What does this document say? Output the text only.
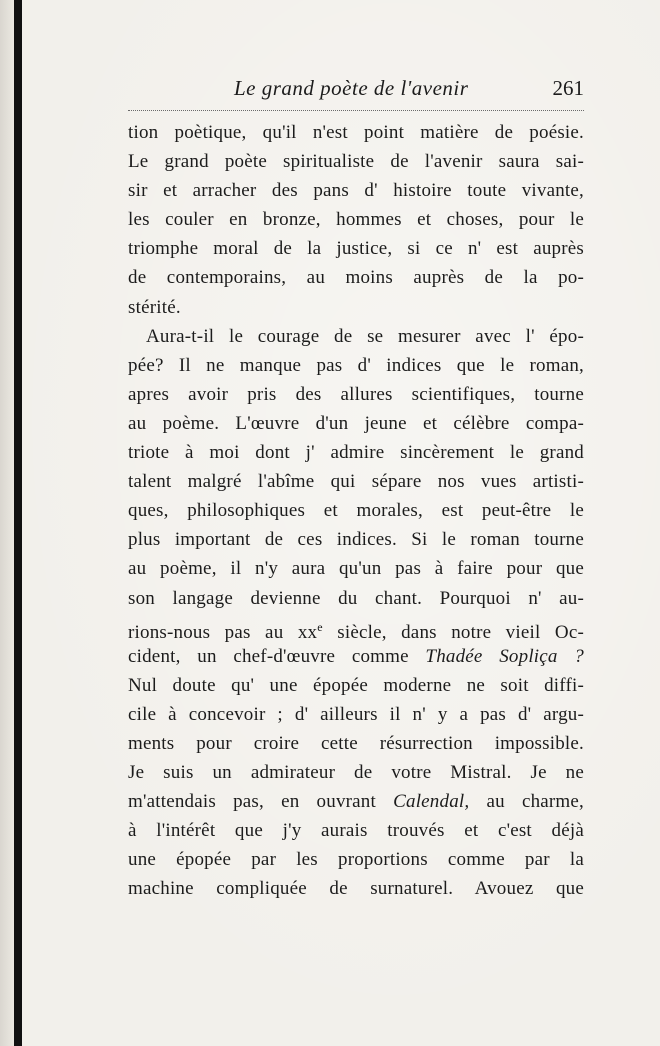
Le grand poète de l'avenir	261
tion poètique, qu'il n'est point matière de poésie.
Le grand poète spiritualiste de l'avenir saura sai-
sir et arracher des pans d' histoire toute vivante,
les couler en bronze, hommes et choses, pour le
triomphe moral de la justice, si ce n' est auprès
de contemporains, au moins auprès de la po-
stérité.
Aura-t-il le courage de se mesurer avec l' épo-
pée? Il ne manque pas d' indices que le roman,
apres avoir pris des allures scientifiques, tourne
au poème. L'œuvre d'un jeune et célèbre compa-
triote à moi dont j' admire sincèrement le grand
talent malgré l'abîme qui sépare nos vues artisti-
ques, philosophiques et morales, est peut-être le
plus important de ces indices. Si le roman tourne
au poème, il n'y aura qu'un pas à faire pour que
son langage devienne du chant. Pourquoi n' au-
rions-nous pas au $xx^e$ siècle, dans notre vieil Oc-
cident, un chef-d'œuvre comme Thadée Sopliça ?
Nul doute qu' une épopée moderne ne soit diffi-
cile à concevoir ; d' ailleurs il n' y a pas d' argu-
ments pour croire cette résurrection impossible.
Je suis un admirateur de votre Mistral. Je ne
m'attendais pas, en ouvrant Calendal, au charme,
à l'intérêt que j'y aurais trouvés et c'est déjà
une épopée par les proportions comme par la
machine compliquée de surnaturel. Avouez que
